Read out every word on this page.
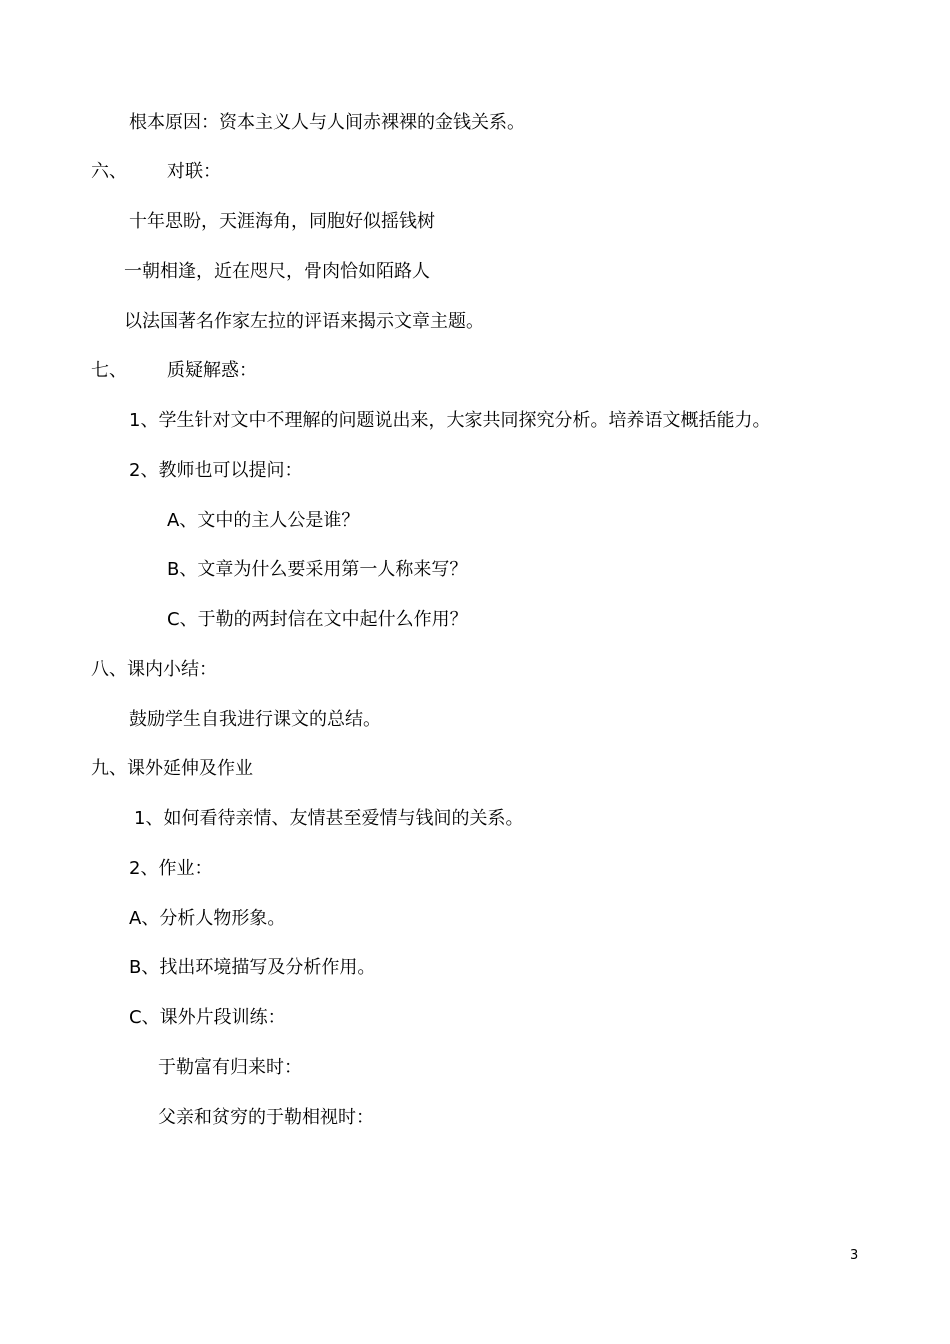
根本原因：资本主义人与人间赤裸裸的金钱关系。
六、 对联：
十年思盼，天涯海角，同胞好似摇钱树
一朝相逢，近在咫尺，骨肉恰如陌路人
以法国著名作家左拉的评语来揭示文章主题。
七、 质疑解惑：
1、学生针对文中不理解的问题说出来，大家共同探究分析。培养语文概括能力。
2、教师也可以提问：
A、文中的主人公是谁？
B、文章为什么要采用第一人称来写？
C、于勒的两封信在文中起什么作用？
八、课内小结：
鼓励学生自我进行课文的总结。
九、课外延伸及作业
1、如何看待亲情、友情甚至爱情与钱间的关系。
2、作业：
A、分析人物形象。
B、找出环境描写及分析作用。
C、课外片段训练：
于勒富有归来时：
父亲和贫穷的于勒相视时：
3
